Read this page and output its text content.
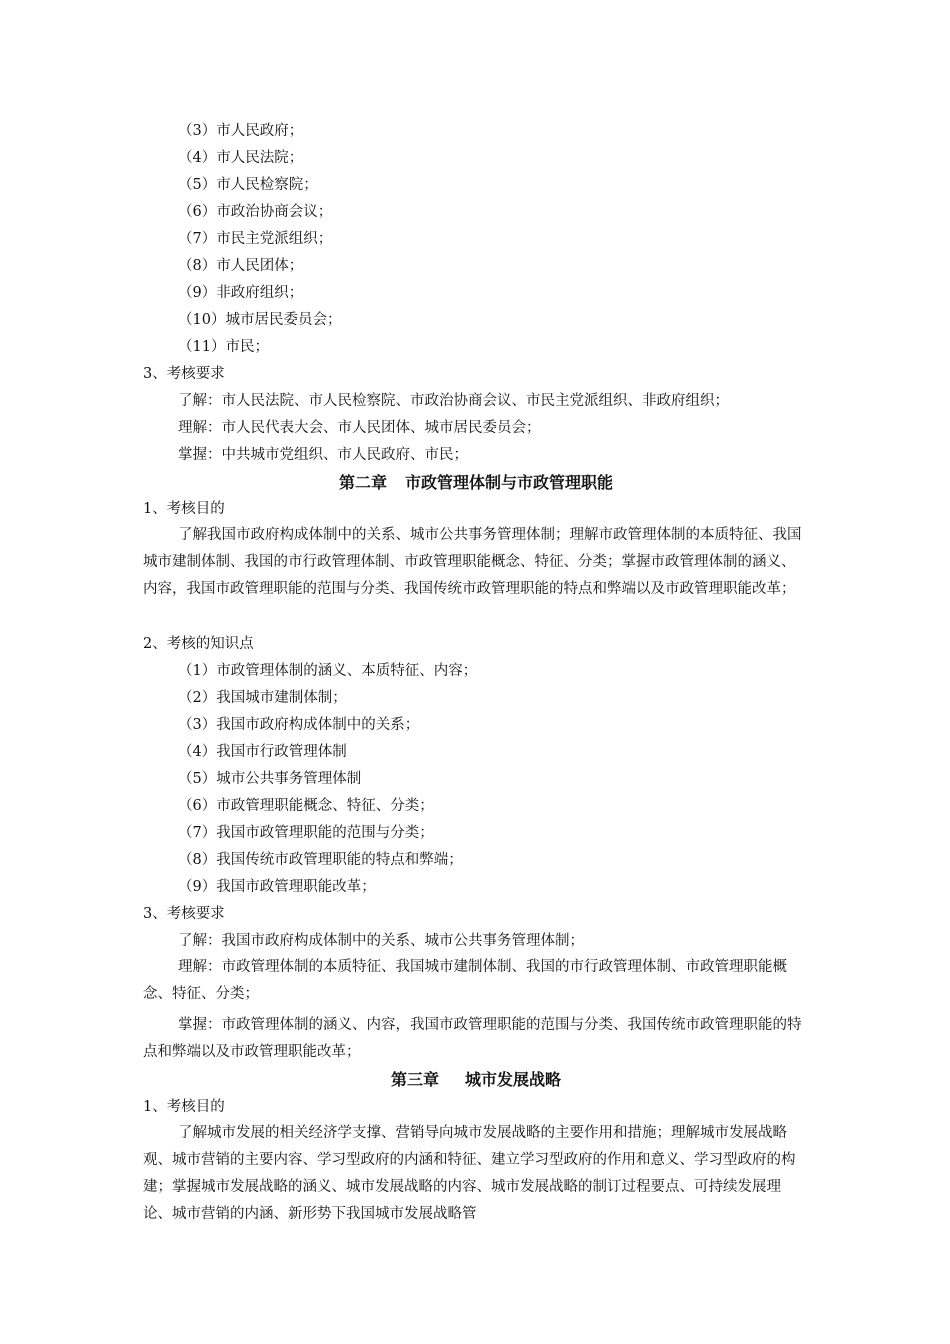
（3）市人民政府；
（4）市人民法院；
（5）市人民检察院；
（6）市政治协商会议；
（7）市民主党派组织；
（8）市人民团体；
（9）非政府组织；
（10）城市居民委员会；
（11）市民；
3、考核要求
了解：市人民法院、市人民检察院、市政治协商会议、市民主党派组织、非政府组织；
理解：市人民代表大会、市人民团体、城市居民委员会；
掌握：中共城市党组织、市人民政府、市民；
第二章 市政管理体制与市政管理职能
1、考核目的
了解我国市政府构成体制中的关系、城市公共事务管理体制；理解市政管理体制的本质特征、我国城市建制体制、我国的市行政管理体制、市政管理职能概念、特征、分类；掌握市政管理体制的涵义、内容，我国市政管理职能的范围与分类、我国传统市政管理职能的特点和弊端以及市政管理职能改革；
2、考核的知识点
（1）市政管理体制的涵义、本质特征、内容；
（2）我国城市建制体制；
（3）我国市政府构成体制中的关系；
（4）我国市行政管理体制
（5）城市公共事务管理体制
（6）市政管理职能概念、特征、分类；
（7）我国市政管理职能的范围与分类；
（8）我国传统市政管理职能的特点和弊端；
（9）我国市政管理职能改革；
3、考核要求
了解：我国市政府构成体制中的关系、城市公共事务管理体制；
理解：市政管理体制的本质特征、我国城市建制体制、我国的市行政管理体制、市政管理职能概念、特征、分类；
掌握：市政管理体制的涵义、内容，我国市政管理职能的范围与分类、我国传统市政管理职能的特点和弊端以及市政管理职能改革；
第三章 城市发展战略
1、考核目的
了解城市发展的相关经济学支撑、营销导向城市发展战略的主要作用和措施；理解城市发展战略观、城市营销的主要内容、学习型政府的内涵和特征、建立学习型政府的作用和意义、学习型政府的构建；掌握城市发展战略的涵义、城市发展战略的内容、城市发展战略的制订过程要点、可持续发展理论、城市营销的内涵、新形势下我国城市发展战略管
